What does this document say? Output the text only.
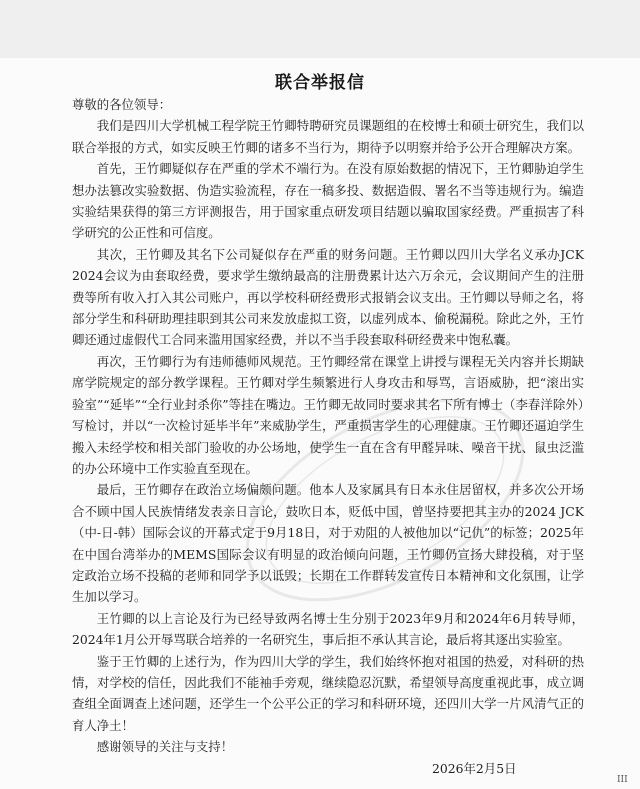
联合举报信

尊敬的各位领导：

我们是四川大学机械工程学院王竹卿特聘研究员课题组的在校博士和硕士研究生，我们以联合举报的方式，如实反映王竹卿的诸多不当行为，期待予以明察并给予公开合理解决方案。

首先，王竹卿疑似存在严重的学术不端行为。在没有原始数据的情况下，王竹卿胁迫学生想办法篡改实验数据、伪造实验流程，存在一稿多投、数据造假、署名不当等违规行为。编造实验结果获得的第三方评测报告，用于国家重点研发项目结题以骗取国家经费。严重损害了科学研究的公正性和可信度。

其次，王竹卿及其名下公司疑似存在严重的财务问题。王竹卿以四川大学名义承办JCK 2024会议为由套取经费，要求学生缴纳最高的注册费累计达六万余元，会议期间产生的注册费等所有收入打入其公司账户，再以学校科研经费形式报销会议支出。王竹卿以导师之名，将部分学生和科研助理挂职到其公司来发放虚拟工资，以虚列成本、偷税漏税。除此之外，王竹卿还通过虚假代工合同来滥用国家经费，并以不当手段套取科研经费来中饱私囊。

再次，王竹卿行为有违师德师风规范。王竹卿经常在课堂上讲授与课程无关内容并长期缺席学院规定的部分教学课程。王竹卿对学生频繁进行人身攻击和辱骂，言语威胁，把“滚出实验室”“延毕”“全行业封杀你”等挂在嘴边。王竹卿无故同时要求其名下所有博士（李春洋除外）写检讨，并以“一次检讨延毕半年”来威胁学生，严重损害学生的心理健康。王竹卿还逼迫学生搬入未经学校和相关部门验收的办公场地，使学生一直在含有甲醛异味、噪音干扰、鼠虫泛滥的办公环境中工作实验直至现在。

最后，王竹卿存在政治立场偏颇问题。他本人及家属具有日本永住居留权，并多次公开场合不顾中国人民族情绪发表亲日言论，鼓吹日本，贬低中国，曾坚持要把其主办的2024 JCK（中-日-韩）国际会议的开幕式定于9月18日，对于劝阻的人被他加以“记仇”的标签；2025年在中国台湾举办的MEMS国际会议有明显的政治倾向问题，王竹卿仍宣扬大肆投稿，对于坚定政治立场不投稿的老师和同学予以诋毁；长期在工作群转发宣传日本精神和文化氛围，让学生加以学习。

王竹卿的以上言论及行为已经导致两名博士生分别于2023年9月和2024年6月转导师，2024年1月公开辱骂联合培养的一名研究生，事后拒不承认其言论，最后将其逐出实验室。

鉴于王竹卿的上述行为，作为四川大学的学生，我们始终怀抱对祖国的热爱，对科研的热情，对学校的信任，因此我们不能袖手旁观，继续隐忍沉默，希望领导高度重视此事，成立调查组全面调查上述问题，还学生一个公平公正的学习和科研环境，还四川大学一片风清气正的育人净土！

感谢领导的关注与支持！

2026年2月5日
III
